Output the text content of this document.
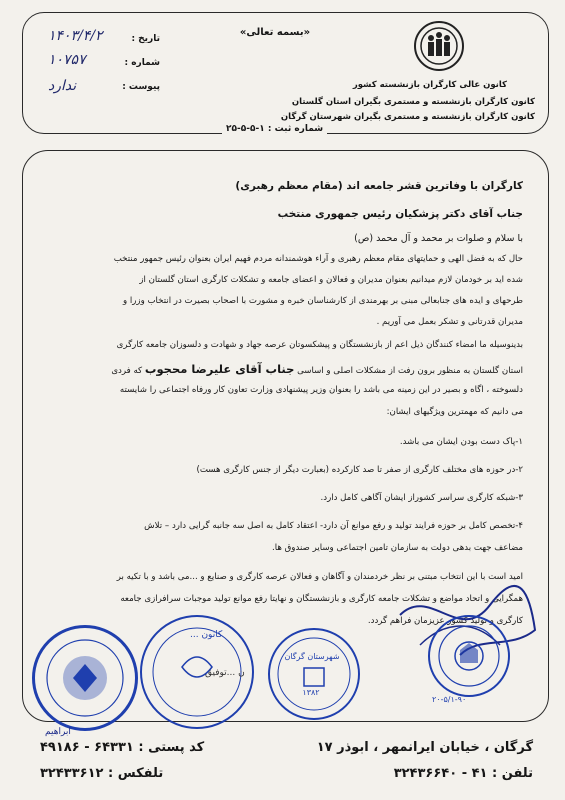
«بسمه تعالی»
کانون عالی کارگران بازنشسته کشور
کانون کارگران بازنشسته و مستمری بگیران استان گلستان
کانون کارگران بازنشسته و مستمری بگیران شهرستان گرگان
تاریخ :
شماره :
پیوست :
۱۴۰۳/۴/۲
۱۰۷۵۷
ندارد
شماره ثبت : ۱-۵-۵-۲۵
کارگران با وفاترین قشر جامعه اند (مقام معظم رهبری)
جناب آقای دکتر پزشکیان رئیس جمهوری منتخب
با سلام و صلوات بر محمد و آل محمد (ص)
حال که به فضل الهی و حمایتهای مقام معظم رهبری و آراء هوشمندانه مردم فهیم ایران بعنوان رئیس جمهور منتخب
شده اید بر خودمان لازم میدانیم بعنوان مدیران و فعالان و اعضای جامعه و تشکلات کارگری استان گلستان از
طرحهای و ایده های جنابعالی مبنی بر بهرمندی از کارشناسان خبره و مشورت با اصحاب بصیرت در انتخاب وزرا و
مدیران قدرتانی و تشکر بعمل می آوریم .
بدینوسیله ما امضاء کنندگان ذیل اعم از بازنشستگان و پیشکسوتان عرصه جهاد و شهادت و دلسوزان جامعه کارگری
استان گلستان به منظور برون رفت از مشکلات اصلی و اساسی جناب آقای علیرضا محجوب که فردی
دلسوخته ، اگاه و بصیر در این زمینه می باشد را بعنوان وزیر پیشنهادی وزارت تعاون کار ورفاه اجتماعی را شایسته
می دانیم که مهمترین ویژگیهای ایشان:
۱-پاک دست بودن ایشان می باشد.
۲-در حوزه های مختلف کارگری از صفر تا صد کارکرده (بعبارت دیگر از جنس کارگری هست)
۳-شبکه کارگری سراسر کشوراز ایشان آگاهی کامل دارد.
۴-تخصص کامل بر حوزه فرایند تولید و رفع موانع آن دارد- اعتقاد کامل به اصل سه جانبه گرایی دارد – تلاش
مضاعف جهت بدهی دولت به سازمان تامین اجتماعی وسایر صندوق ها.
امید است با این انتخاب مبتنی بر نظر خردمندان و آگاهان و فعالان عرصه کارگری و صنایع و ...می باشد و با تکیه بر
همگرایی و اتحاد مواضع و تشکلات جامعه کارگری و بازنشستگان و نهایتا رفع موانع تولید موجبات سرافرازی جامعه
کارگری و تولید کشور عزیزمان فراهم گردد.
۲۰-۵/۱-۹۰
شهرستان گرگان
۱۳۸۲
کانون ...
ن ...توفیق
ابراهیم
گرگان ، خیابان ایرانمهر ، ابوذر ۱۷
کد پستی : ۶۴۳۳۱ - ۴۹۱۸۶
تلفن : ۴۱ - ۳۲۴۳۶۶۴۰
تلفکس : ۳۲۴۳۳۶۱۲
